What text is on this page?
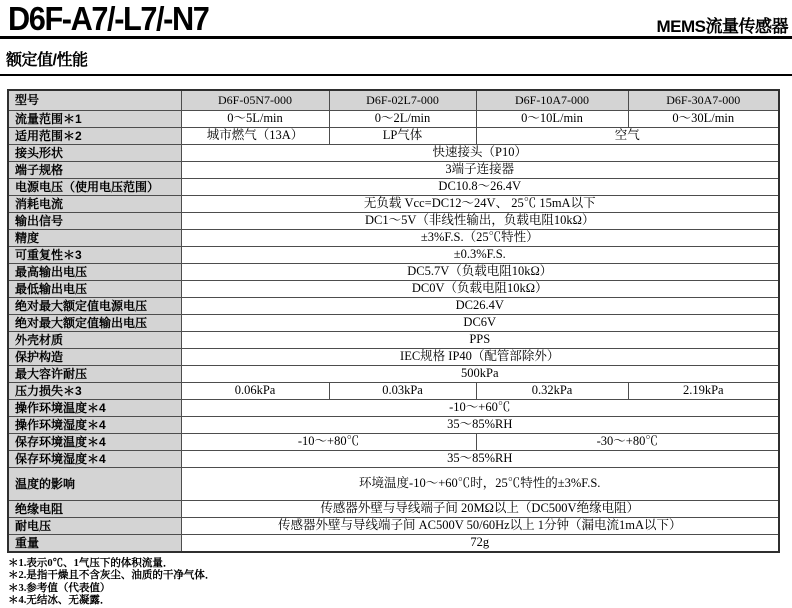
D6F-A7/-L7/-N7	MEMS流量传感器
额定值/性能
型号	D6F-05N7-000	D6F-02L7-000	D6F-10A7-000	D6F-30A7-000
流量范围＊1	0～5L/min	0～2L/min	0～10L/min	0～30L/min
适用范围＊2	城市燃气（13A）	LP气体	空气	
接头形状	快速接头（P10）			
端子规格	3端子连接器			
电源电压（使用电压范围）	DC10.8～26.4V			
消耗电流	无负载 Vcc=DC12～24V、 25℃ 15mA以下			
输出信号	DC1～5V（非线性输出，负载电阻10kΩ）			
精度	±3%F.S.（25℃特性）			
可重复性＊3	±0.3%F.S.			
最高输出电压	DC5.7V（负载电阻10kΩ）			
最低输出电压	DC0V（负载电阻10kΩ）			
绝对最大额定值电源电压	DC26.4V			
绝对最大额定值输出电压	DC6V			
外壳材质	PPS			
保护构造	IEC规格 IP40（配管部除外）			
最大容许耐压	500kPa			
压力损失＊3	0.06kPa	0.03kPa	0.32kPa	2.19kPa
操作环境温度＊4	-10～+60℃			
操作环境湿度＊4	35～85%RH			
保存环境温度＊4	-10～+80℃		-30～+80℃	
保存环境湿度＊4	35～85%RH			
温度的影响	环境温度-10～+60℃时，25℃特性的±3%F.S.			
绝缘电阻	传感器外壁与导线端子间 20MΩ以上（DC500V绝缘电阻）			
耐电压	传感器外壁与导线端子间 AC500V 50/60Hz以上 1分钟（漏电流1mA以下）			
重量	72g			
＊1.表示0℃、1气压下的体积流量．
＊2.是指干燥且不含灰尘、油质的干净气体．
＊3.参考值（代表值）
＊4.无结冰、无凝露．
